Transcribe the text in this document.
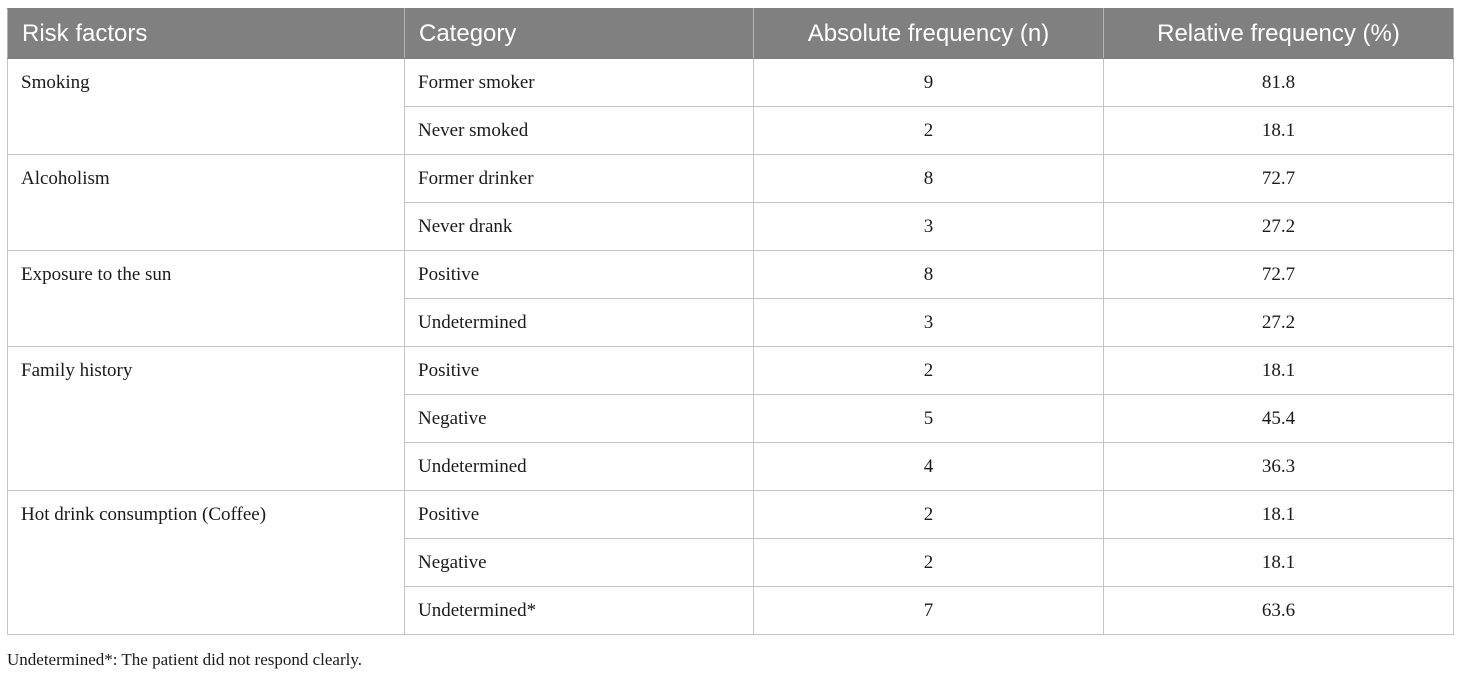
Risk factors	Category	Absolute frequency (n)	Relative frequency (%)
Smoking	Former smoker	9	81.8
	Never smoked	2	18.1
Alcoholism	Former drinker	8	72.7
	Never drank	3	27.2
Exposure to the sun	Positive	8	72.7
	Undetermined	3	27.2
Family history	Positive	2	18.1
	Negative	5	45.4
	Undetermined	4	36.3
Hot drink consumption (Coffee)	Positive	2	18.1
	Negative	2	18.1
	Undetermined*	7	63.6
Undetermined*: The patient did not respond clearly.
